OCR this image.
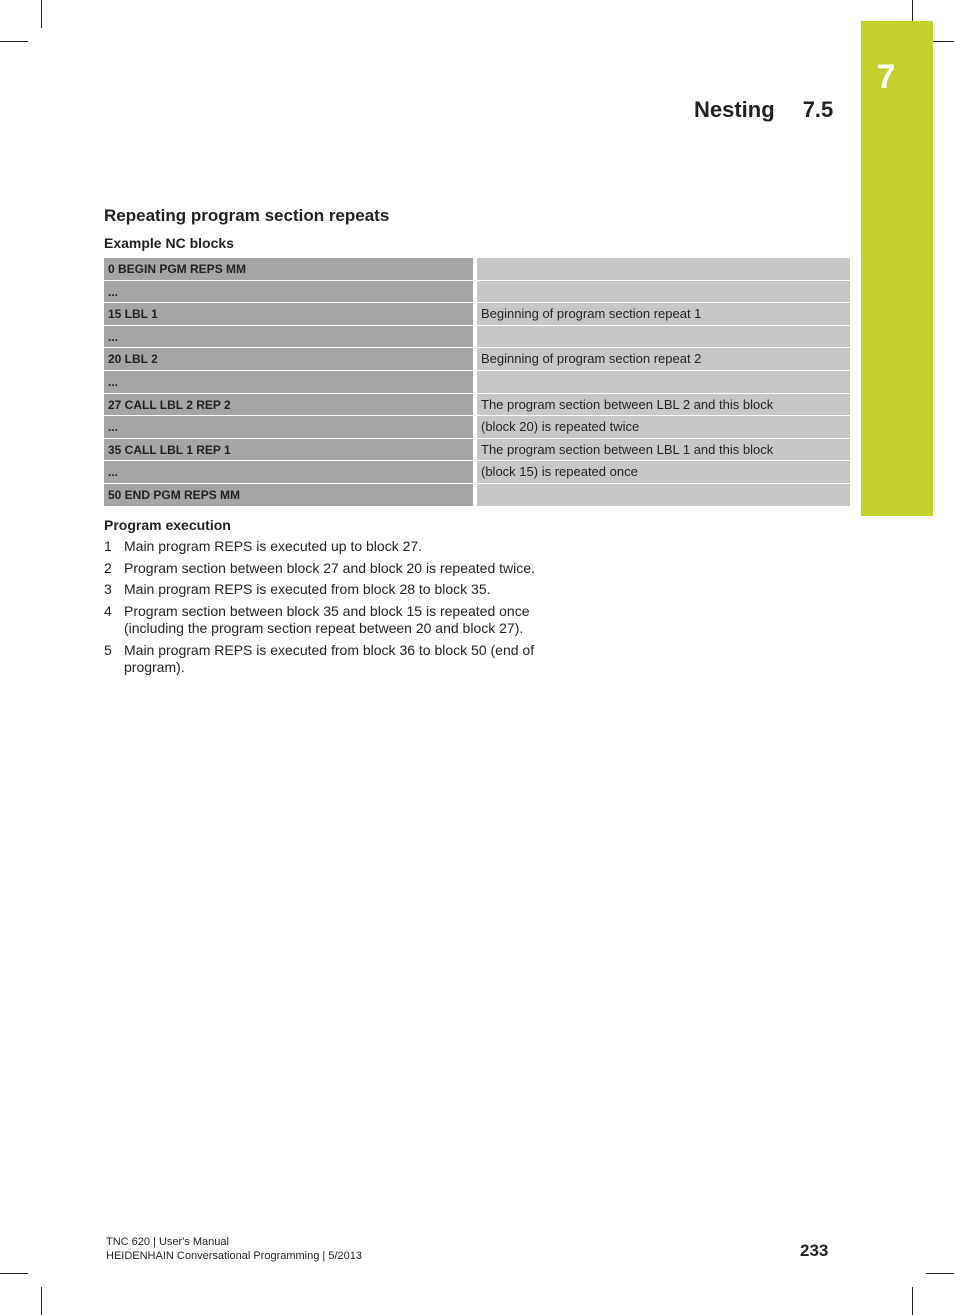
7
Nesting 7.5
Repeating program section repeats
Example NC blocks
0 BEGIN PGM REPS MM
...
15 LBL 1	Beginning of program section repeat 1
...
20 LBL 2	Beginning of program section repeat 2
...
27 CALL LBL 2 REP 2	The program section between LBL 2 and this block
...	(block 20) is repeated twice
35 CALL LBL 1 REP 1	The program section between LBL 1 and this block
...	(block 15) is repeated once
50 END PGM REPS MM
Program execution
1 Main program REPS is executed up to block 27.
2 Program section between block 27 and block 20 is repeated twice.
3 Main program REPS is executed from block 28 to block 35.
4 Program section between block 35 and block 15 is repeated once (including the program section repeat between 20 and block 27).
5 Main program REPS is executed from block 36 to block 50 (end of program).
TNC 620 | User's Manual
HEIDENHAIN Conversational Programming | 5/2013	233
